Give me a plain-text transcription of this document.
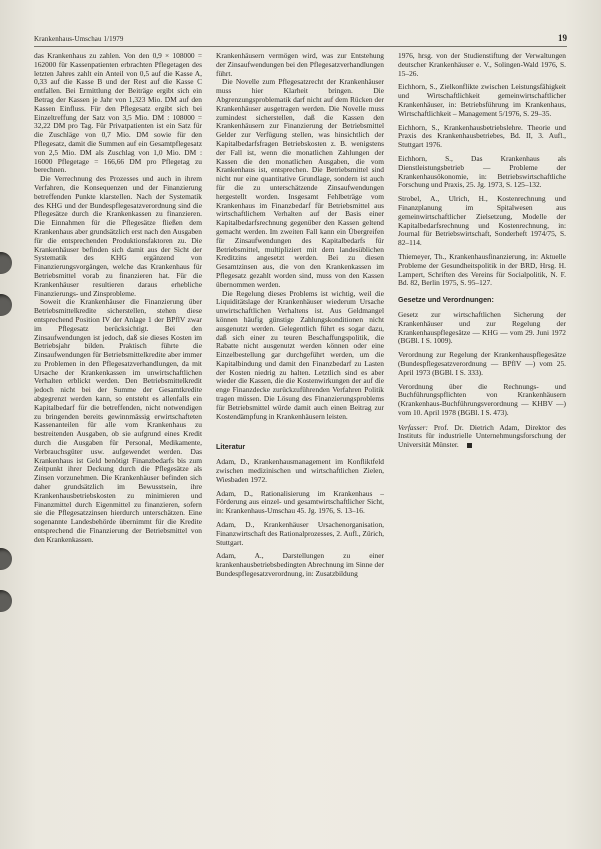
Krankenhaus-Umschau 1/1979	19

das Krankenhaus zu zahlen. Von den 0,9 × 108000 = 162000 für Kassenpatienten erbrachten Pflegetagen des letzten Jahres zahlt ein Anteil von 0,5 auf die Kasse A, 0,33 auf die Kasse B und der Rest auf die Kasse C entfallen. Bei Ermittlung der Beiträge ergibt sich ein Betrag der Kassen je Jahr von 1,323 Mio. DM auf den Kassen Einfluss. Für den Pflegesatz ergibt sich bei Einzeltreffung der Satz von 3,5 Mio. DM : 108000 = 32,22 DM pro Tag. Für Privatpatienten ist ein Satz für die Zuschläge von 0,7 Mio. DM sowie für den Pflegesatz, damit die Summen auf ein Gesamtpflegesatz von 2,5 Mio. DM als Zuschlag von 1,0 Mio. DM : 16000 Pflegetage = 166,66 DM pro Pflegetag zu berechnen.

Die Verrechnung des Prozesses und auch in ihrem Verfahren, die Konsequenzen und der Finanzierung betreffenden Punkte klarstellen. Nach der Systematik des KHG und der Bundespflegesatzverordnung sind die Pflegesätze durch die Krankenkassen zu finanzieren. Die Einnahmen für die Pflegesätze fließen dem Krankenhaus aber grundsätzlich erst nach den Ausgaben für die entsprechenden Produktionsfaktoren zu. Die Krankenhäuser befinden sich damit aus der Sicht der Systematik des KHG ergänzend von Finanzierungsvorgängen, welche das Krankenhaus für Betriebsmittel vorab zu finanzieren hat. Für die Krankenhäuser resultieren daraus erhebliche Finanzierungs- und Zinsprobleme.

Soweit die Krankenhäuser die Finanzierung über Betriebsmittelkredite sicherstellen, stehen diese entsprechend Position IV der Anlage 1 der BPflV zwar im Pflegesatz berücksichtigt. Bei den Zinsaufwendungen ist jedoch, daß sie dieses Kosten im Betriebsjahr bilden. Praktisch führte die Zinsaufwendungen für Betriebsmittelkredite aber immer zu Problemen in den Pflegesatzverhandlungen, da mit Ursache der Krankenkassen im unwirtschaftlichen Verhalten erblickt werden. Den Betriebsmittelkredit jedoch nicht bei der Summe der Gesamtkredite abgegrenzt werden kann, so entsteht es allenfalls ein Kapitalbedarf für die betreffenden, nicht notwendigen zu bringenden bereits gewinnmässig erwirtschafteten Kassenanteilen für alle vom Krankenhaus zu bestreitenden Ausgaben, ob sie aufgrund eines Kredit durch die Ausgaben für Personal, Medikamente, Verbrauchsgüter usw. aufgewendet werden. Das Krankenhaus ist Geld benötigt Finanzbedarfs bis zum Zeitpunkt ihrer Deckung durch die Pflegesätze als Zinsen vorzunehmen. Die Krankenhäuser befinden sich daher grundsätzlich im Bewusstsein, ihre Krankenhausbetriebskosten zu minimieren und Finanzmittel durch Eigenmittel zu finanzieren, sofern sie die Pflegesatzzinsen hierdurch unterschätzen. Eine sogenannte Landesbehörde übernimmt für die Kredite entsprechend die Finanzierung der Betriebsmittel von den Krankenkassen.

Krankenhäusern vermögen wird, was zur Entstehung der Zinsaufwendungen bei den Pflegesatzverhandlungen führt.

Die Novelle zum Pflegesatzrecht der Krankenhäuser muss hier Klarheit bringen. Die Abgrenzungsproblematik darf nicht auf dem Rücken der Krankenhäuser ausgetragen werden. Die Novelle muss zumindest sicherstellen, daß die Kassen den Krankenhäusern zur Finanzierung der Betriebsmittel Gelder zur Verfügung stellen, was hinsichtlich der Kapitalbedarfsfragen Betriebskosten z. B. wenigstens der Fall ist, wenn die monatlichen Zahlungen der Kassen die den monatlichen Ausgaben, die vom Krankenhaus ist, entsprechen. Die Betriebsmittel sind nicht nur eine quantitative Grundlage, sondern ist auch für die zu unterschätzende Zinsaufwendungen hergestellt worden. Insgesamt Fehlbeträge vom Krankenhaus im Finanzbedarf für Betriebsmittel aus wirtschaftlichem Verhalten auf der Basis einer Kapitalbedarfsrechnung gegenüber den Kassen geltend gemacht werden. Im zweiten Fall kann ein Übergreifen für Zinsaufwendungen des Kapitalbedarfs für Betriebsmittel, multipliziert mit dem landesüblichen Kreditzins angesetzt werden. Bei zu diesen Gesamtzinsen aus, die von den Krankenkassen im Pflegesatz gezahlt worden sind, muss von den Kassen übernommen werden.

Die Regelung dieses Problems ist wichtig, weil die Liquiditätslage der Krankenhäuser wiederum Ursache unwirtschaftlichen Verhaltens ist. Aus Geldmangel können häufig günstige Zahlungskonditionen nicht ausgenutzt werden. Gelegentlich führt es sogar dazu, daß sich einer zu teuren Beschaffungspolitik, die Rabatte nicht ausgenutzt werden können oder eine Einzelbestellung gar durchgeführt werden, um die Kapitalbindung und damit den Finanzbedarf zu Lasten der Kosten niedrig zu halten. Letztlich sind es aber wieder die Kassen, die die Kostenwirkungen der auf die enge Finanzdecke zurückzuführenden Verfahren Politik tragen müssen. Die Lösung des Finanzierungsproblems für Betriebsmittel würde damit auch einen Beitrag zur Kostendämpfung in Krankenhäusern leisten.

Literatur
Adam, D., Krankenhausmanagement im Konfliktfeld zwischen medizinischen und wirtschaftlichen Zielen, Wiesbaden 1972.
Adam, D., Rationalisierung im Krankenhaus – Förderung aus einzel- und gesamtwirtschaftlicher Sicht, in: Krankenhaus-Umschau 45. Jg. 1976, S. 13–16.
Adam, D., Krankenhäuser Ursachenorganisation, Finanzwirtschaft des Rationalprozesses, 2. Aufl., Zürich, Stuttgart.
Adam, A., Darstellungen zu einer krankenhausbetriebsbedingten Abrechnung im Sinne der Bundespflegesatzverordnung, in: Zusatzbildung
1976, hrsg. von der Studienstiftung der Verwaltungen deutscher Krankenhäuser e. V., Solingen-Wald 1976, S. 15–26.
Eichhorn, S., Zielkonflikte zwischen Leistungsfähigkeit und Wirtschaftlichkeit gemeinwirtschaftlicher Krankenhäuser, in: Betriebsführung im Krankenhaus, Wirtschaftlichkeit – Management 5/1976, S. 29–35.
Eichhorn, S., Krankenhausbetriebslehre. Theorie und Praxis des Krankenhausbetriebes, Bd. II, 3. Aufl., Stuttgart 1976.
Eichhorn, S., Das Krankenhaus als Dienstleistungsbetrieb — Probleme der Krankenhausökonomie, in: Betriebswirtschaftliche Forschung und Praxis, 25. Jg. 1973, S. 125–132.
Strobel, A., Ulrich, H., Kostenrechnung und Finanzplanung im Spitalwesen aus gemeinwirtschaftlicher Zielsetzung, Modelle der Kapitalbedarfsrechnung und Kostenrechnung, in: Journal für Betriebswirtschaft, Sonderheft 1974/75, S. 82–114.
Thiemeyer, Th., Krankenhausfinanzierung, in: Aktuelle Probleme der Gesundheitspolitik in der BRD, Hrsg. H. Lampert, Schriften des Vereins für Socialpolitik, N. F. Bd. 82, Berlin 1975, S. 95–127.
Gesetze und Verordnungen:
Gesetz zur wirtschaftlichen Sicherung der Krankenhäuser und zur Regelung der Krankenhauspflegesätze — KHG — vom 29. Juni 1972 (BGBl. I S. 1009).
Verordnung zur Regelung der Krankenhauspflegesätze (Bundespflegesatzverordnung — BPflV —) vom 25. April 1973 (BGBl. I S. 333).
Verordnung über die Rechnungs- und Buchführungspflichten von Krankenhäusern (Krankenhaus-Buchführungsverordnung — KHBV —) vom 10. April 1978 (BGBl. I S. 473).
Verfasser: Prof. Dr. Dietrich Adam, Direktor des Instituts für industrielle Unternehmungsforschung der Universität Münster.
